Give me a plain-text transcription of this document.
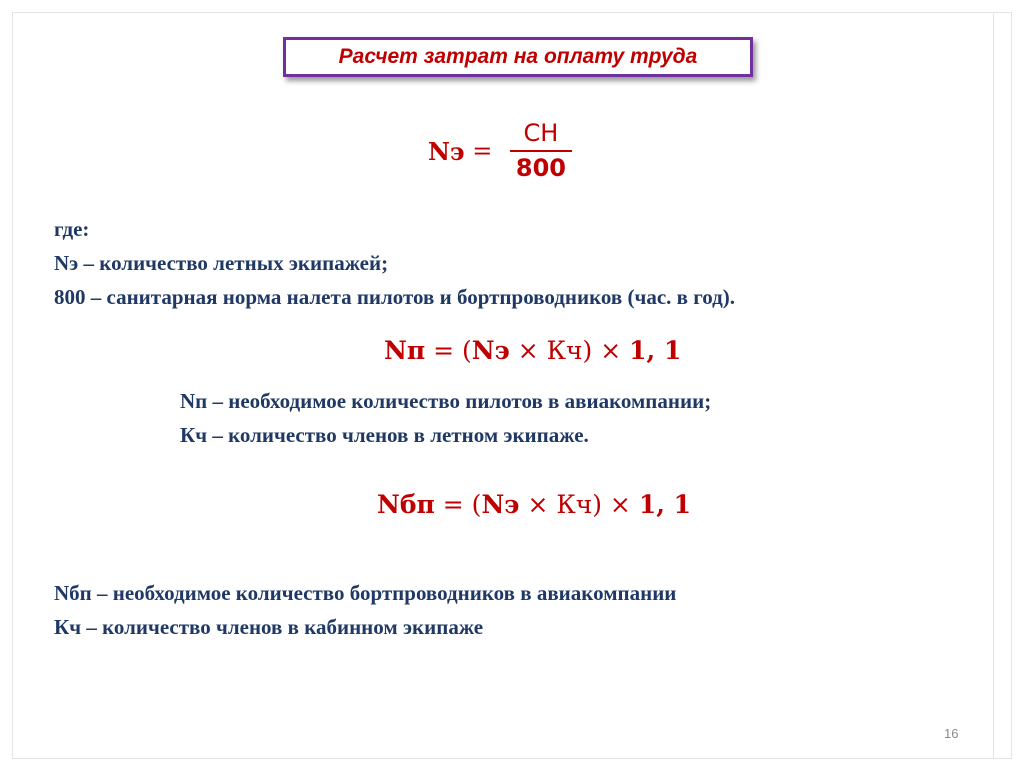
Расчет затрат на оплату труда
Nэ = $\frac{СН}{800}$
где:
Nэ – количество летных экипажей;
800 – санитарная норма налета пилотов и бортпроводников (час. в год).
Nп = ( Nэ × Кч) × 1, 1
Nп – необходимое количество пилотов в авиакомпании;
Кч – количество членов в летном экипаже.
Nбп = ( Nэ × Кч) × 1, 1
Nбп – необходимое количество бортпроводников в авиакомпании
Кч – количество членов в кабинном экипаже
16
